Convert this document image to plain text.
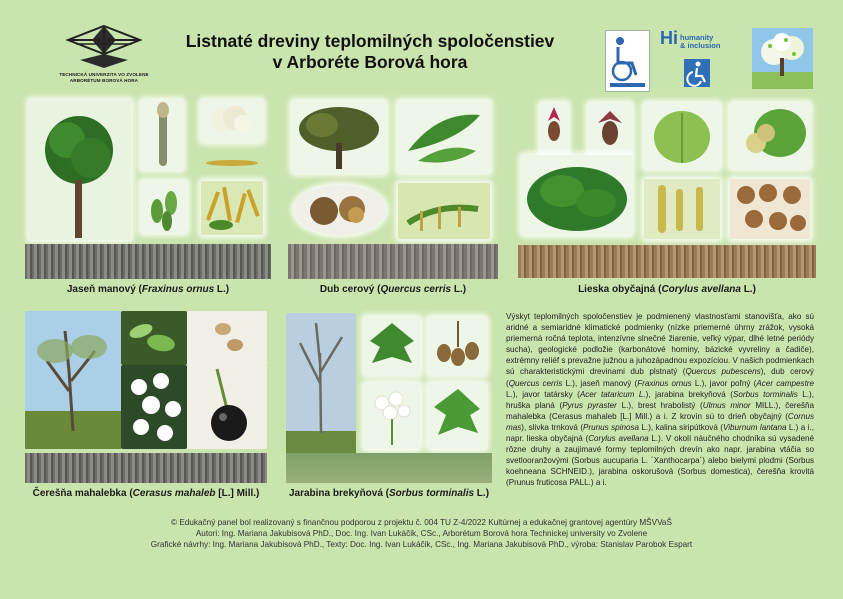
TECHNICKÁ UNIVERZITA VO ZVOLENE
ARBORÉTUM BOROVÁ HORA
Listnaté dreviny teplomilných spoločenstiev
v Arboréte Borová hora
Hi humanity
& inclusion
Jaseň manový (Fraxinus ornus L.)	Dub cerový (Quercus cerris L.)	Lieska obyčajná (Corylus avellana L.)
Čerešňa mahalebka (Cerasus mahaleb [L.] Mill.)	Jarabina brekyňová (Sorbus torminalis L.)
Výskyt teplomilných spoločenstiev je podmienený vlastnosťami stanovišťa, ako sú aridné a semiaridné klimatické podmienky (nízke priemerné úhrny zrážok, vysoká priemerná ročná teplota, intenzívne slnečné žiarenie, veľký výpar, dlhé letné periódy sucha), geologické podložie (karbonátové horniny, bázické vyvreliny a čadiče), extrémny reliéf s prevažne južnou a juhozápadnou expozíciou. V našich podmienkach sú charakteristickými drevinami dub plstnatý (Quercus pubescens), dub cerový (Quercus cerris L.), jaseň manový (Fraxinus ornus L.), javor poľný (Acer campestre L.), javor tatársky (Acer tataricum L.), jarabina brekyňová (Sorbus torminalis L.), hruška planá (Pyrus pyraster L.), brest hrabolistý (Ulmus minor MILL.), čerešňa mahalebka (Cerasus mahaleb [L.] Mill.) a i. Z krovín sú to drieň obyčajný (Cornus mas), slivka trnková (Prunus spinosa L.), kalina siripútková (Viburnum lantana L.) a i., napr. lieska obyčajná (Corylus avellana L.). V okolí náučného chodníka sú vysadené rôzne druhy a zaujímavé formy teplomilných drevín ako napr. jarabina vtáčia so svetlooranžovými (Sorbus aucuparia L. ´Xanthocarpa´) alebo bielymi plodmi (Sorbus koehneana SCHNEID.), jarabina oskorušová (Sorbus domestica), čerešňa krovitá (Prunus fruticosa PALL.) a i.
© Edukačný panel bol realizovaný s finančnou podporou z projektu č. 004 TU Z-4/2022 Kultúrnej a edukačnej grantovej agentúry MŠVVaŠ
Autori: Ing. Mariana Jakubisová PhD., Doc. Ing. Ivan Lukáčik, CSc., Arborétum Borová hora Technickej university vo Zvolene
Grafické návrhy: Ing. Mariana Jakubisová PhD., Texty: Doc. Ing. Ivan Lukáčik, CSc., Ing. Mariana Jakubisová PhD., výroba: Stanislav Parobok Espart
